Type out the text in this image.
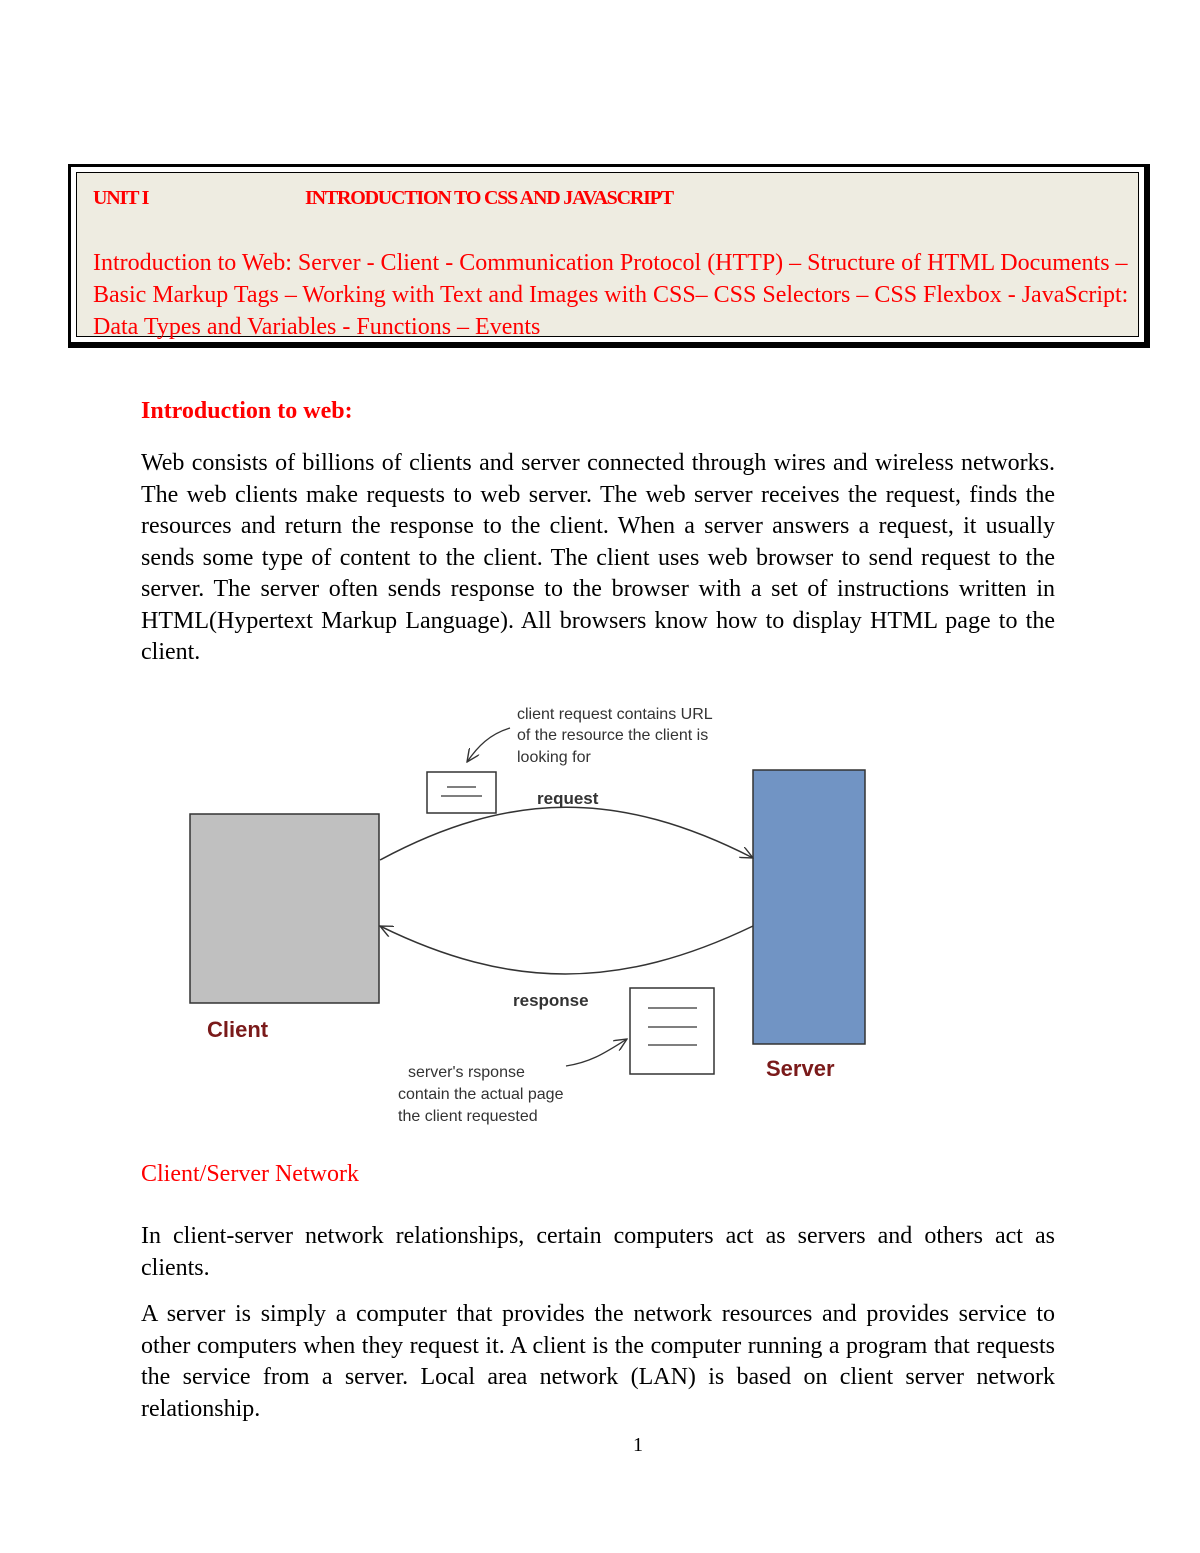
UNIT I	INTRODUCTION TO CSS AND JAVASCRIPT
Introduction to Web: Server - Client - Communication Protocol (HTTP) – Structure of HTML Documents – Basic Markup Tags – Working with Text and Images with CSS– CSS Selectors – CSS Flexbox - JavaScript: Data Types and Variables - Functions – Events
Introduction to web:
Web consists of billions of clients and server connected through wires and wireless networks. The web clients make requests to web server. The web server receives the request, finds the resources and return the response to the client. When a server answers a request, it usually sends some type of content to the client. The client uses web browser to send request to the server. The server often sends response to the browser with a set of instructions written in HTML(Hypertext Markup Language). All browsers know how to display HTML page to the client.
request
response
Client
Server
client request contains URL
of the resource the client is
looking for
server's rsponse
contain the actual page
the client requested
Client/Server Network
In client-server network relationships, certain computers act as servers and others act as clients.
A server is simply a computer that provides the network resources and provides service to other computers when they request it. A client is the computer running a program that requests the service from a server. Local area network (LAN) is based on client server network relationship.
1
